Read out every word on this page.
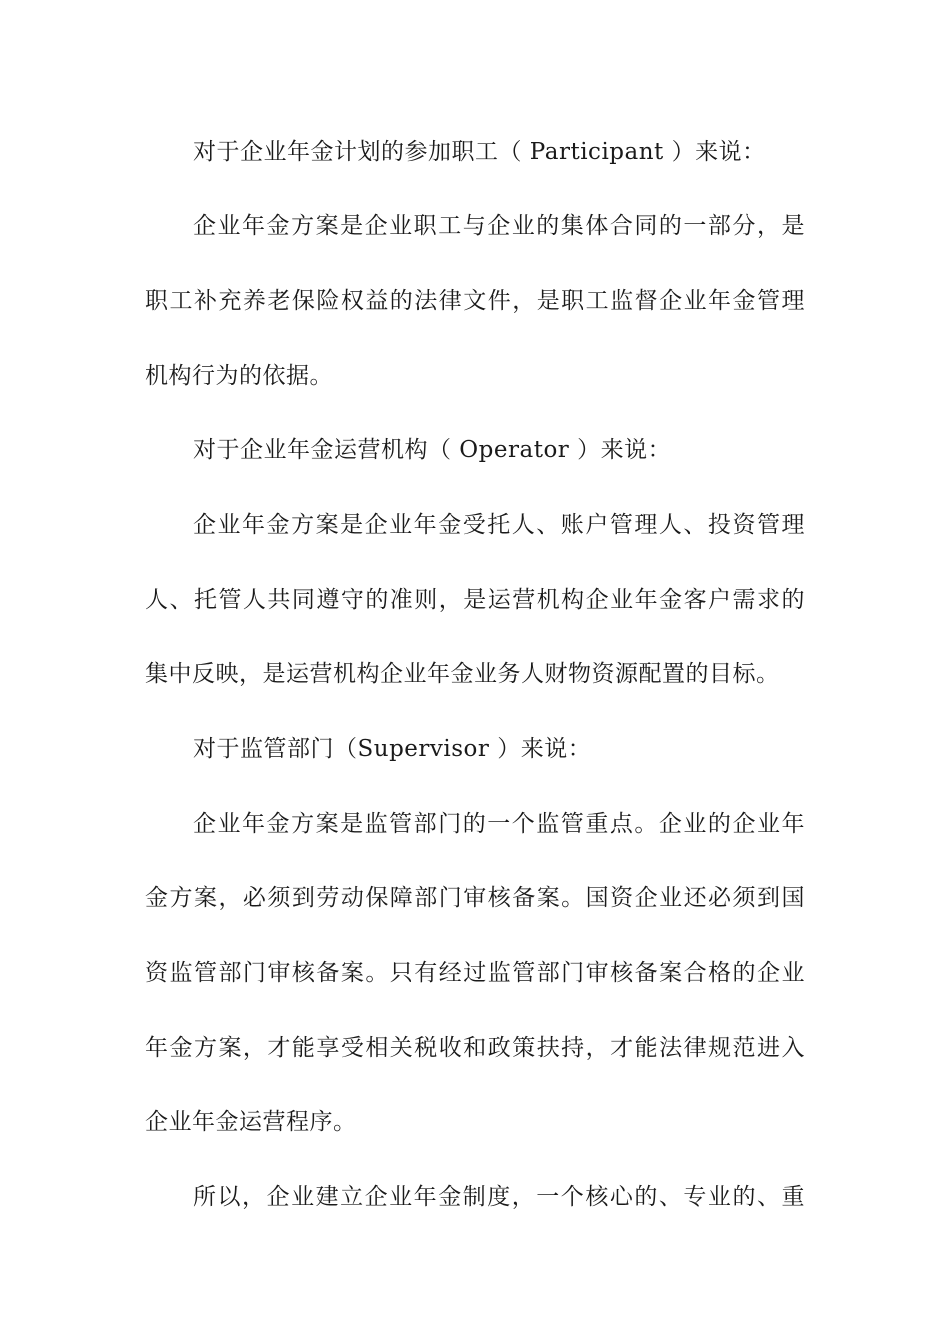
对于企业年金计划的参加职工（ Participant ）来说：
企业年金方案是企业职工与企业的集体合同的一部分，是
职工补充养老保险权益的法律文件，是职工监督企业年金管理
机构行为的依据。
对于企业年金运营机构（ Operator ）来说：
企业年金方案是企业年金受托人、账户管理人、投资管理
人、托管人共同遵守的准则，是运营机构企业年金客户需求的
集中反映，是运营机构企业年金业务人财物资源配置的目标。
对于监管部门（Supervisor ）来说：
企业年金方案是监管部门的一个监管重点。企业的企业年
金方案，必须到劳动保障部门审核备案。国资企业还必须到国
资监管部门审核备案。只有经过监管部门审核备案合格的企业
年金方案，才能享受相关税收和政策扶持，才能法律规范进入
企业年金运营程序。
所以，企业建立企业年金制度，一个核心的、专业的、重
